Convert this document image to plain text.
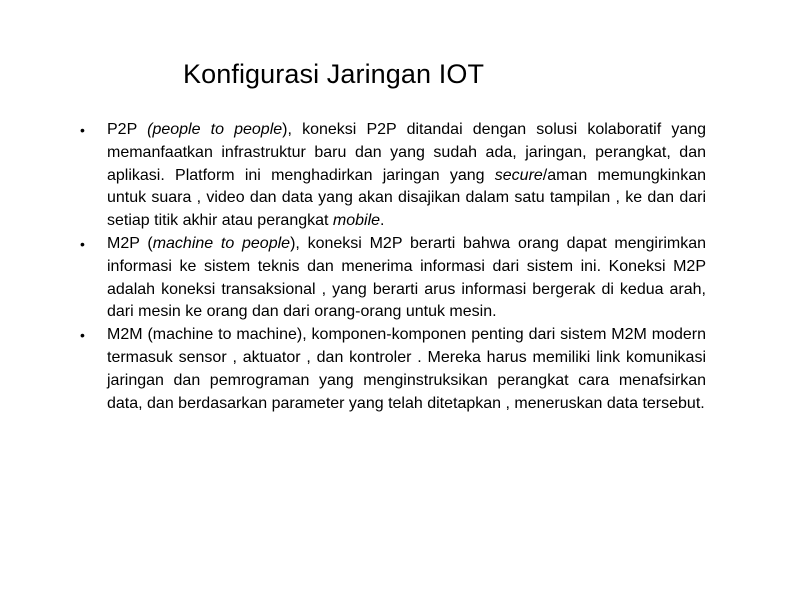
Konfigurasi Jaringan IOT
• P2P (people to people), koneksi P2P ditandai dengan solusi kolaboratif yang memanfaatkan infrastruktur baru dan yang sudah ada, jaringan, perangkat, dan aplikasi. Platform ini menghadirkan jaringan yang secure/aman memungkinkan untuk suara , video dan data yang akan disajikan dalam satu tampilan , ke dan dari setiap titik akhir atau perangkat mobile.
• M2P (machine to people), koneksi M2P berarti bahwa orang dapat mengirimkan informasi ke sistem teknis dan menerima informasi dari sistem ini. Koneksi M2P adalah koneksi transaksional , yang berarti arus informasi bergerak di kedua arah, dari mesin ke orang dan dari orang-orang untuk mesin.
• M2M (machine to machine), komponen-komponen penting dari sistem M2M modern termasuk sensor , aktuator , dan kontroler . Mereka harus memiliki link komunikasi jaringan dan pemrograman yang menginstruksikan perangkat cara menafsirkan data, dan berdasarkan parameter yang telah ditetapkan , meneruskan data tersebut.
